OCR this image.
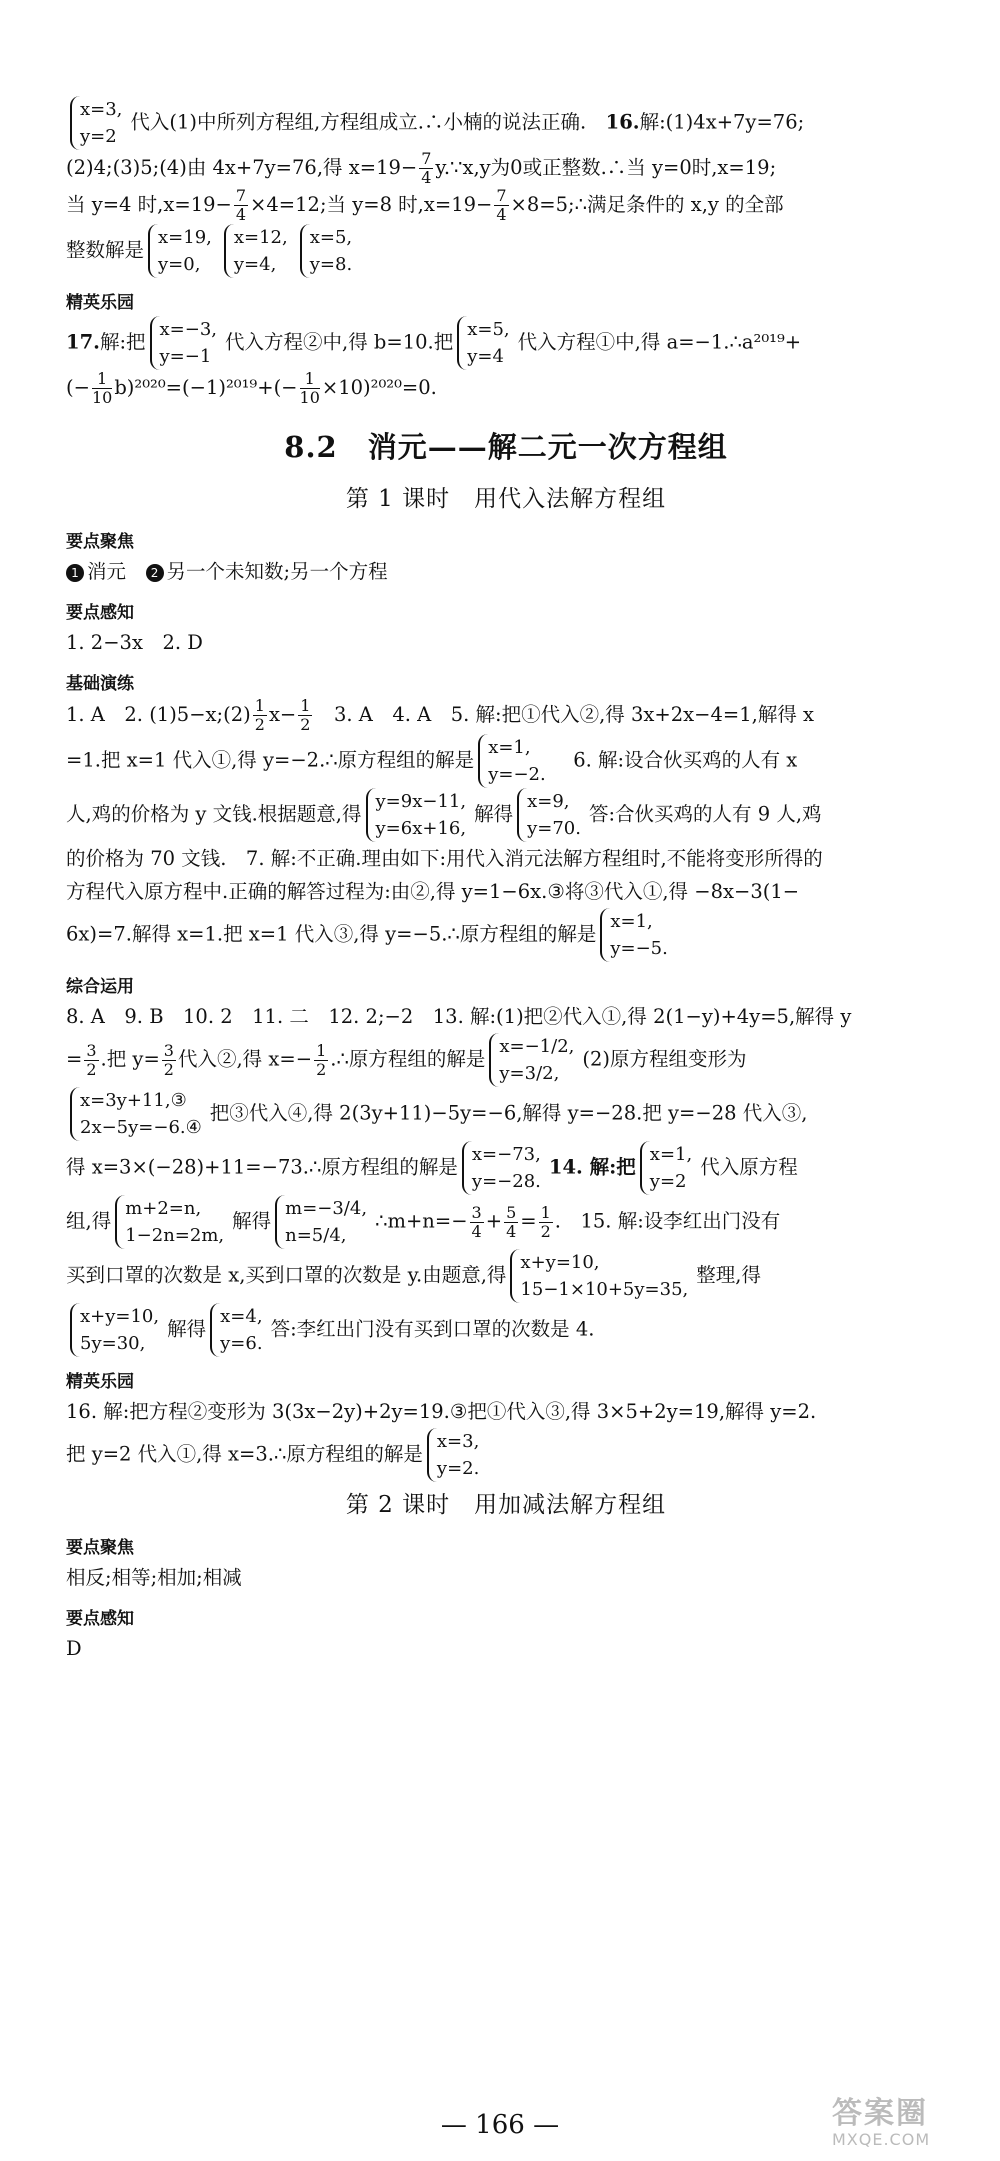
x=3,
y=2
代入(1)中所列方程组,方程组成立.∴小楠的说法正确.　 16.解:(1)4x+7y=76;
(2)4;(3)5;(4)由 4x+7y=76,得 $x=19- \frac{7}{4}$ y.∵x,y为0或正整数.∴当 y=0时,x=19;
当 y=4 时$,x=19- \frac{7}{4} \times 4=12$;当 y=8 时$,x=19- \frac{7}{4}$ ×8=5;∴满足条件的 x,y 的全部
整数解是
x=19,
y=0,
x=12,
y=4,
x=5,
y=8.
精英乐园
17.解:把
x=−3,
y=−1
代入方程②中,得 b=10.把
x=5,
y=4
代入方程①中,得 a=−1.∴a²⁰¹⁹+
(− $\frac{1}{10} b)^{2020}=(-1)^{2019}+(- \frac{1}{10} \times 10)^{2020}=0$.
8.2　消元——解二元一次方程组
第 1 课时　用代入法解方程组
要点聚焦
1 消元　 2 另一个未知数;另一个方程
要点感知
1. 2−3x　2. D
基础演练
1. A　2. (1)5−x;(2) $\frac{1}{2} x- \frac{1}{2}$ 　3. A　4. A　5. 解:把①代入②,得 3x+2x−4=1,解得 x
=1.把 x=1 代入①,得 y=−2.∴原方程组的解是
x=1,
y=−2.
　6. 解:设合伙买鸡的人有 x
人,鸡的价格为 y 文钱.根据题意,得
y=9x−11,
y=6x+16,
解得
x=9,
y=70.
答:合伙买鸡的人有 9 人,鸡
的价格为 70 文钱.　7. 解:不正确.理由如下:用代入消元法解方程组时,不能将变形所得的
方程代入原方程中.正确的解答过程为:由②,得 y=1−6x.③将③代入①,得 −8x−3(1−
6x)=7.解得 x=1.把 x=1 代入③,得 y=−5.∴原方程组的解是
x=1,
y=−5.
综合运用
8. A　9. B　10. 2　11. 二　12. 2;−2　13. 解:(1)把②代入①,得 2(1−y)+4y=5,解得 y
= $\frac{3}{2}$ .把 $y= \frac{3}{2}$ 代入②,得 $x=- \frac{1}{2}$ .∴原方程组的解是
x=−1/2,
y=3/2,
(2)原方程组变形为
x=3y+11,③
2x−5y=−6.④
把③代入④,得 2(3y+11)−5y=−6,解得 y=−28.把 y=−28 代入③,
得 x=3×(−28)+11=−73.∴原方程组的解是
x=−73,
y=−28.
14. 解:把
x=1,
y=2
代入原方程
组,得
m+2=n,
1−2n=2m,
解得
m=−3/4,
n=5/4,
∴m+n=− $\frac{3}{4} + \frac{5}{4} = \frac{1}{2}$ .　15. 解:设李红出门没有
买到口罩的次数是 x,买到口罩的次数是 y.由题意,得
x+y=10,
15−1×10+5y=35,
整理,得
x+y=10,
5y=30,
解得
x=4,
y=6.
答:李红出门没有买到口罩的次数是 4.
精英乐园
16. 解:把方程②变形为 3(3x−2y)+2y=19.③把①代入③,得 3×5+2y=19,解得 y=2.
把 y=2 代入①,得 x=3.∴原方程组的解是
x=3,
y=2.
第 2 课时　用加减法解方程组
要点聚焦
相反;相等;相加;相减
要点感知
D
— 166 —	答案圈
MXQE.COM
